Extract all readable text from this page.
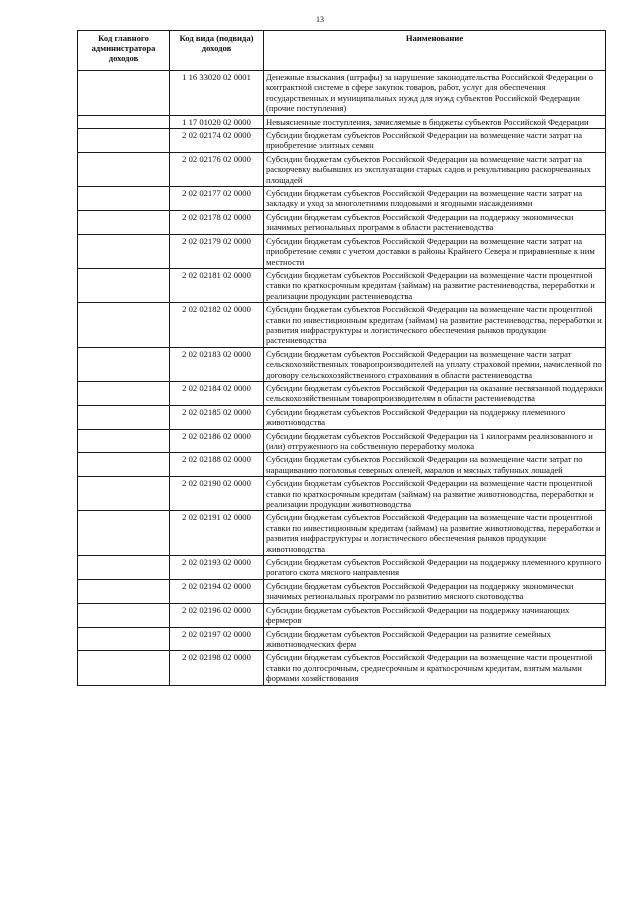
13
Код главного администратора доходов	Код вида (подвида) доходов	Наименование
	1 16 33020 02 0001	Денежные взыскания (штрафы) за нарушение законодательства Российской Федерации о контрактной системе в сфере закупок товаров, работ, услуг для обеспечения государственных и муниципальных нужд для нужд субъектов Российской Федерации (прочие поступления)
	1 17 01020 02 0000	Невыясненные поступления, зачисляемые в бюджеты субъектов Российской Федерации
	2 02 02174 02 0000	Субсидии бюджетам субъектов Российской Федерации на возмещение части затрат на приобретение элитных семян
	2 02 02176 02 0000	Субсидии бюджетам субъектов Российской Федерации на возмещение части затрат на раскорчевку выбывших из эксплуатации старых садов и рекультивацию раскорчеванных площадей
	2 02 02177 02 0000	Субсидии бюджетам субъектов Российской Федерации на возмещение части затрат на закладку и уход за многолетними плодовыми и ягодными насаждениями
	2 02 02178 02 0000	Субсидии бюджетам субъектов Российской Федерации на поддержку экономически значимых региональных программ в области растениеводства
	2 02 02179 02 0000	Субсидии бюджетам субъектов Российской Федерации на возмещение части затрат на приобретение семян с учетом доставки в районы Крайнего Севера и приравненные к ним местности
	2 02 02181 02 0000	Субсидии бюджетам субъектов Российской Федерации на возмещение части процентной ставки по краткосрочным кредитам (займам) на развитие растениеводства, переработки и реализации продукции растениеводства
	2 02 02182 02 0000	Субсидии бюджетам субъектов Российской Федерации на возмещение части процентной ставки по инвестиционным кредитам (займам) на развитие растениеводства, переработки и развития инфраструктуры и логистического обеспечения рынков продукции растениеводства
	2 02 02183 02 0000	Субсидии бюджетам субъектов Российской Федерации на возмещение части затрат сельскохозяйственных товаропроизводителей на уплату страховой премии, начисленной по договору сельскохозяйственного страхования в области растениеводства
	2 02 02184 02 0000	Субсидии бюджетам субъектов Российской Федерации на оказание несвязанной поддержки сельскохозяйственным товаропроизводителям в области растениеводства
	2 02 02185 02 0000	Субсидии бюджетам субъектов Российской Федерации на поддержку племенного животноводства
	2 02 02186 02 0000	Субсидии бюджетам субъектов Российской Федерации на 1 килограмм реализованного и (или) отгруженного на собственную переработку молока
	2 02 02188 02 0000	Субсидии бюджетам субъектов Российской Федерации на возмещение части затрат по наращиванию поголовья северных оленей, маралов и мясных табунных лошадей
	2 02 02190 02 0000	Субсидии бюджетам субъектов Российской Федерации на возмещение части процентной ставки по краткосрочным кредитам (займам) на развитие животноводства, переработки и реализации продукции животноводства
	2 02 02191 02 0000	Субсидии бюджетам субъектов Российской Федерации на возмещение части процентной ставки по инвестиционным кредитам (займам) на развитие животноводства, переработки и развития инфраструктуры и логистического обеспечения рынков продукции животноводства
	2 02 02193 02 0000	Субсидии бюджетам субъектов Российской Федерации на поддержку племенного крупного рогатого скота мясного направления
	2 02 02194 02 0000	Субсидии бюджетам субъектов Российской Федерации на поддержку экономически значимых региональных программ по развитию мясного скотоводства
	2 02 02196 02 0000	Субсидии бюджетам субъектов Российской Федерации на поддержку начинающих фермеров
	2 02 02197 02 0000	Субсидии бюджетам субъектов Российской Федерации на развитие семейных животноводческих ферм
	2 02 02198 02 0000	Субсидии бюджетам субъектов Российской Федерации на возмещение части процентной ставки по долгосрочным, среднесрочным и краткосрочным кредитам, взятым малыми формами хозяйствования
